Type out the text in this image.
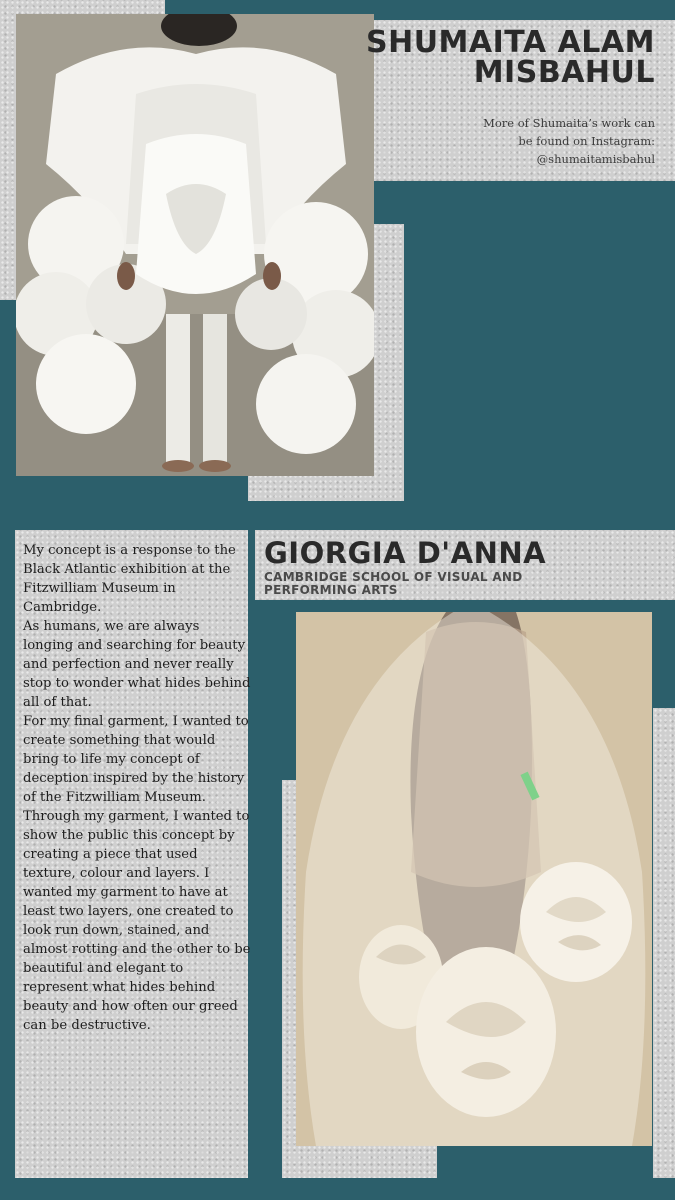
SHUMAITA ALAM MISBAHUL
More of Shumaita’s work can
be found on Instagram:
@shumaitamisbahul
GIORGIA D'ANNA
CAMBRIDGE SCHOOL OF VISUAL AND PERFORMING ARTS

My concept is a response to the Black Atlantic exhibition at the Fitzwilliam Museum in Cambridge.

As humans, we are always longing and searching for beauty and perfection and never really stop to wonder what hides behind all of that.

For my final garment, I wanted to create something that would bring to life my concept of deception inspired by the history of the Fitzwilliam Museum.

Through my garment, I wanted to show the public this concept by creating a piece that used texture, colour and layers. I wanted my garment to have at least two layers, one created to look run down, stained, and almost rotting and the other to be beautiful and elegant to represent what hides behind beauty and how often our greed can be destructive.
